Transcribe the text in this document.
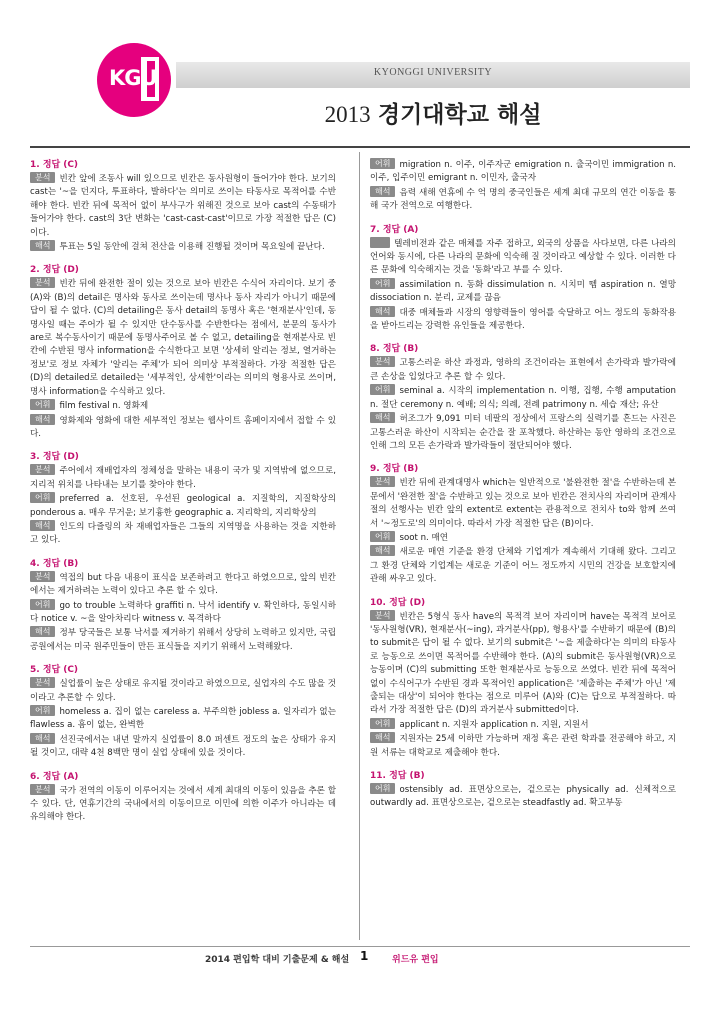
KGU	KYONGGI UNIVERSITY
2013 경기대학교 해설
1. 정답 (C)
분석 빈칸 앞에 조동사 will 있으므로 빈칸은 동사원형이 들어가야 한다. 보기의 cast는 '~을 던지다, 투표하다, 발하다'는 의미로 쓰이는 타동사로 목적어를 수반해야 한다. 빈칸 뒤에 목적어 없이 부사구가 위해진 것으로 보아 cast의 수동태가 들어가야 한다. cast의 3단 변화는 'cast-cast-cast'이므로 가장 적절한 답은 (C)이다.
해석 투표는 5일 동안에 걸쳐 전산을 이용해 진행될 것이며 목요일에 끝난다.
2. 정답 (D)
분석 빈칸 뒤에 완전한 절이 있는 것으로 보아 빈칸은 수식어 자리이다. 보기 중 (A)와 (B)의 detail은 명사와 동사로 쓰이는데 명사나 동사 자리가 아니기 때문에 답이 될 수 없다. (C)의 detailing은 동사 detail의 동명사 혹은 '현재분사'인데, 동명사일 때는 주어가 될 수 있지만 단수동사를 수반한다는 점에서, 분문의 동사가 are로 복수동사이기 때문에 동명사주어로 볼 수 없고, detailing을 현재분사로 빈칸에 수반된 명사 information을 수식한다고 보면 '상세히 알리는 정보, 열거하는 정보'로 정보 자체가 '알리는 주체'가 되어 의미상 부적절하다. 가장 적절한 답은 (D)의 detailed로 detailed는 '세부적인, 상세한'이라는 의미의 형용사로 쓰이며, 명사 information을 수식하고 있다.
어휘 film festival n. 영화제
해석 영화제와 영화에 대한 세부적인 정보는 웹사이트 홈페이지에서 접할 수 있다.
3. 정답 (D)
분석 주어에서 재배업자의 정체성을 말하는 내용이 국가 및 지역밖에 없으므로, 지리적 위치를 나타내는 보기를 찾아야 한다.
어휘 preferred a. 선호된, 우선된 geological a. 지질학의, 지질학상의 ponderous a. 매우 무거운; 보기흉한 geographic a. 지리학의, 지리학상의
해석 인도의 다즐링의 차 재배업자들은 그들의 지역명을 사용하는 것을 지한하고 있다.
4. 정답 (B)
분석 역접의 but 다음 내용이 표식을 보존하려고 한다고 하였으므로, 앞의 빈칸에서는 제거하려는 노력이 있다고 추론 할 수 있다.
어휘 go to trouble 노력하다 graffiti n. 낙서 identify v. 확인하다, 동일시하다 notice v. ~을 알아차리다 witness v. 목격하다
해석 정부 당국들은 보통 낙서를 제거하기 위해서 상당히 노력하고 있지만, 국립공원에서는 미국 원주민들이 만든 표식들을 지키기 위해서 노력해왔다.
5. 정답 (C)
분석 실업률이 높은 상태로 유지될 것이라고 하였으므로, 실업자의 수도 많을 것이라고 추론할 수 있다.
어휘 homeless a. 집이 없는 careless a. 부주의한 jobless a. 일자리가 없는 flawless a. 흠이 없는, 완벽한
해석 선진국에서는 내년 말까지 실업률이 8.0 퍼센트 정도의 높은 상태가 유지될 것이고, 대략 4천 8백만 명이 실업 상태에 있을 것이다.
6. 정답 (A)
분석 국가 전역의 이동이 이루어지는 것에서 세계 최대의 이동이 있음을 추론 할 수 있다. 단, 연휴기간의 국내에서의 이동이므로 이민에 의한 이주가 아니라는 데 유의해야 한다.
어휘 migration n. 이주, 이주자군 emigration n. 출국이민 immigration n. 이주, 입주이민 emigrant n. 이민자, 출국자
해석 음력 새해 연휴에 수 억 명의 중국인들은 세계 최대 규모의 연간 이동을 통해 국가 전역으로 여행한다.
7. 정답 (A)
텔레비전과 같은 매체를 자주 접하고, 외국의 상품을 사다보면, 다른 나라의 언어와 동시에, 다른 나라의 문화에 익숙해 질 것이라고 예상할 수 있다. 이러한 다른 문화에 익숙해지는 것을 '동화'라고 부를 수 있다.
어휘 assimilation n. 동화 dissimulation n. 시치미 뗌 aspiration n. 열망 dissociation n. 분리, 교제를 끊음
해석 대중 매체들과 시장의 영향력들이 영어를 숙달하고 어느 정도의 동화작용을 받아드리는 강력한 유인들을 제공한다.
8. 정답 (B)
분석 고통스러운 하산 과정과, 영하의 조건이라는 표현에서 손가락과 발가락에 큰 손상을 입었다고 추론 할 수 있다.
어휘 seminal a. 시작의 implementation n. 이행, 집행, 수행 amputation n. 절단 ceremony n. 예배; 의식; 의례, 전례 patrimony n. 세습 재산; 유산
해석 허조그가 9,091 미터 네팔의 정상에서 프랑스의 실력기를 흔드는 사진은 고통스러운 하산이 시작되는 순간을 잘 포착했다. 하산하는 동안 영하의 조건으로 인해 그의 모든 손가락과 발가락들이 절단되어야 했다.
9. 정답 (B)
분석 빈칸 뒤에 관계대명사 which는 일반적으로 '불완전한 절'을 수반하는데 본문에서 '완전한 절'을 수반하고 있는 것으로 보아 빈칸은 전치사의 자리이며 관계사절의 선행사는 빈칸 앞의 extent로 extent는 관용적으로 전치사 to와 함께 쓰여서 '~정도로'의 의미이다. 따라서 가장 적절한 답은 (B)이다.
어휘 soot n. 매연
해석 새로운 매연 기준을 환경 단체와 기업계가 계속해서 기대해 왔다. 그리고 그 환경 단체와 기업계는 새로운 기준이 어느 정도까지 시민의 건강을 보호할지에 관해 싸우고 있다.
10. 정답 (D)
분석 빈칸은 5형식 동사 have의 목적격 보어 자리이며 have는 목적격 보어로 '동사원형(VR), 현재분사(~ing), 과거분사(pp), 형용사'를 수반하기 때문에 (B)의 to submit은 답이 될 수 없다. 보기의 submit은 '~을 제출하다'는 의미의 타동사로 능동으로 쓰이면 목적어를 수반해야 한다. (A)의 submit은 동사원형(VR)으로 능동이며 (C)의 submitting 또한 현재분사로 능동으로 쓰였다. 빈칸 뒤에 목적어 없이 수식어구가 수반된 경과 목적어인 application은 '제출하는 주체'가 아닌 '제출되는 대상'이 되어야 한다는 점으로 미루어 (A)와 (C)는 답으로 부적절하다. 따라서 가장 적절한 답은 (D)의 과거분사 submitted이다.
어휘 applicant n. 지원자 application n. 지원, 지원서
해석 지원자는 25세 이하만 가능하며 재정 혹은 관련 학과를 전공해야 하고, 지원 서류는 대학교로 제출해야 한다.
11. 정답 (B)
어휘 ostensibly ad. 표면상으로는, 겉으로는 physically ad. 신체적으로 outwardly ad. 표면상으로는, 겉으로는 steadfastly ad. 확고부동
2014 편입학 대비 기출문제 & 해설 1	위드유 편입
